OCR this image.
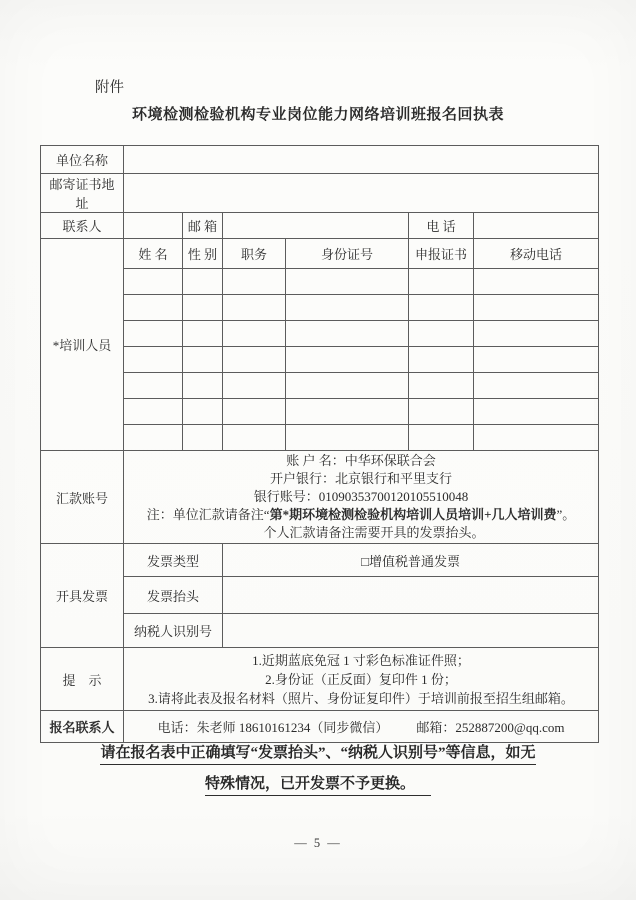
附件
环境检测检验机构专业岗位能力网络培训班报名回执表
单位名称						
邮寄证书地址						
联系人		邮 箱			电 话	
*培训人员	姓 名	性 别	职务	身份证号	申报证书	移动电话

汇款账号	账 户 名：中华环保联合会
开户银行：北京银行和平里支行
银行账号：01090353700120105510048
注：单位汇款请备注“第*期环境检测检验机构培训人员培训+几人培训费”。
个人汇款请备注需要开具的发票抬头。					

开具发票	发票类型		□增值税普通发票			
	发票抬头					
	纳税人识别号					
提　示	1.近期蓝底免冠 1 寸彩色标准证件照；
2.身份证（正反面）复印件 1 份；
3.请将此表及报名材料（照片、身份证复印件）于培训前报至招生组邮箱。					

报名联系人	电话：朱老师 18610161234（同步微信） 邮箱：252887200@qq.com					
请在报名表中正确填写“发票抬头”、“纳税人识别号”等信息，如无
特殊情况，已开发票不予更换。
— 5 —
